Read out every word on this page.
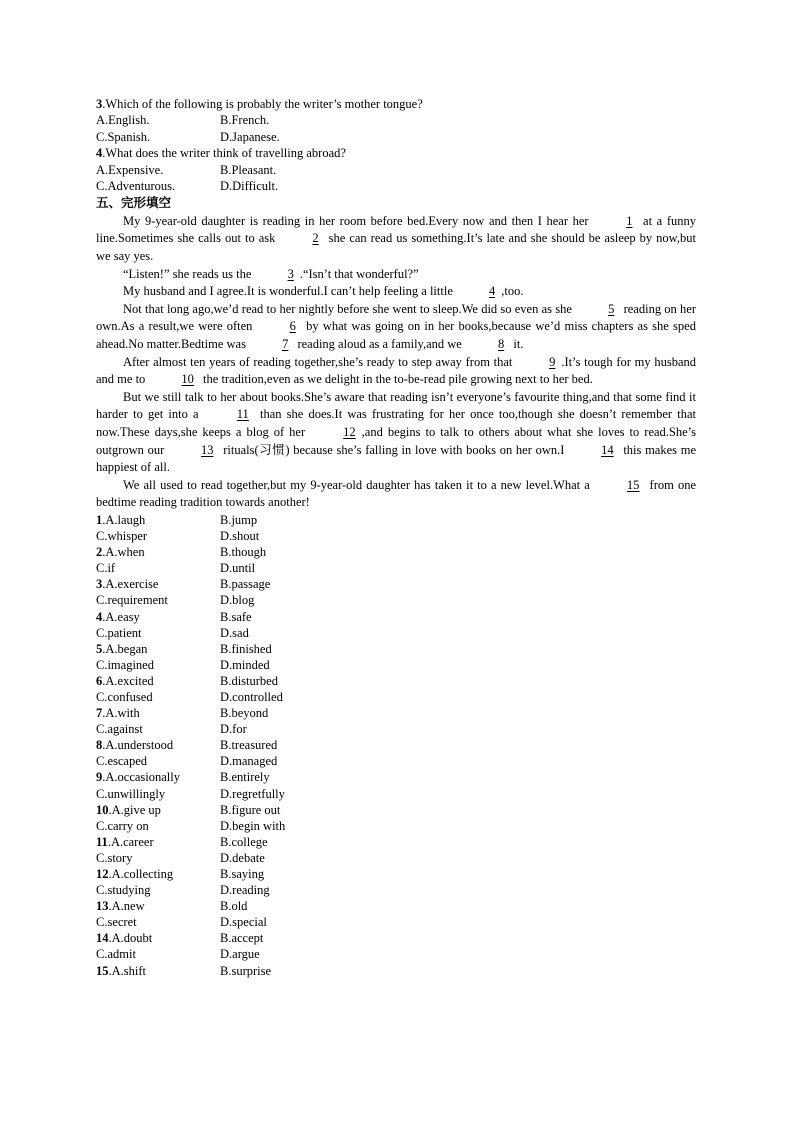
3.Which of the following is probably the writer’s mother tongue?
A.English.	B.French.
C.Spanish.	D.Japanese.
4.What does the writer think of travelling abroad?
A.Expensive.	B.Pleasant.
C.Adventurous.	D.Difficult.
五、完形填空

My 9-year-old daughter is reading in her room before bed.Every now and then I hear her	1 at a funny line.Sometimes she calls out to ask	2 she can read us something.It’s late and she should be asleep by now,but we say yes.

“Listen!” she reads us the	3 .“Isn’t that wonderful?”

My husband and I agree.It is wonderful.I can’t help feeling a little	4 ,too.

Not that long ago,we’d read to her nightly before she went to sleep.We did so even as she	5 reading on her own.As a result,we were often	6 by what was going on in her books,because we’d miss chapters as she sped ahead.No matter.Bedtime was	7 reading aloud as a family,and we	8 it.

After almost ten years of reading together,she’s ready to step away from that	9 .It’s tough for my husband and me to	10 the tradition,even as we delight in the to-be-read pile growing next to her bed.

But we still talk to her about books.She’s aware that reading isn’t everyone’s favourite thing,and that some find it harder to get into a	11 than she does.It was frustrating for her once too,though she doesn’t remember that now.These days,she keeps a blog of her	12 ,and begins to talk to others about what she loves to read.She’s outgrown our	13 rituals(习惯) because she’s falling in love with books on her own.I	14 this makes me happiest of all.

We all used to read together,but my 9-year-old daughter has taken it to a new level.What a	15 from one bedtime reading tradition towards another!

1.A.laugh	B.jump
C.whisper	D.shout
2.A.when	B.though
C.if	D.until
3.A.exercise	B.passage
C.requirement	D.blog
4.A.easy	B.safe
C.patient	D.sad
5.A.began	B.finished
C.imagined	D.minded
6.A.excited	B.disturbed
C.confused	D.controlled
7.A.with	B.beyond
C.against	D.for
8.A.understood	B.treasured
C.escaped	D.managed
9.A.occasionally	B.entirely
C.unwillingly	D.regretfully
10.A.give up	B.figure out
C.carry on	D.begin with
11.A.career	B.college
C.story	D.debate
12.A.collecting	B.saying
C.studying	D.reading
13.A.new	B.old
C.secret	D.special
14.A.doubt	B.accept
C.admit	D.argue
15.A.shift	B.surprise
